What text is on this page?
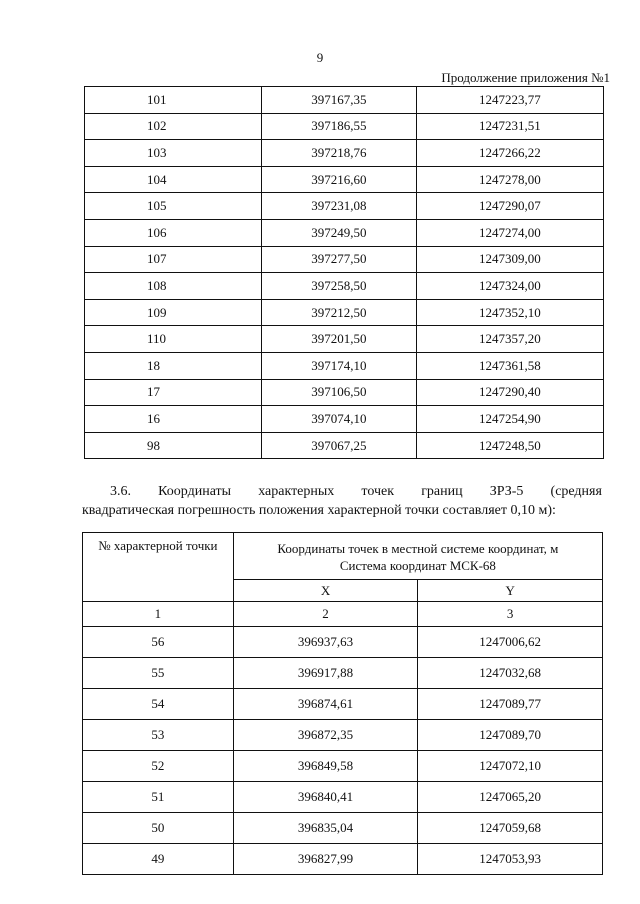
9
Продолжение приложения №1
101	397167,35	1247223,77
102	397186,55	1247231,51
103	397218,76	1247266,22
104	397216,60	1247278,00
105	397231,08	1247290,07
106	397249,50	1247274,00
107	397277,50	1247309,00
108	397258,50	1247324,00
109	397212,50	1247352,10
110	397201,50	1247357,20
18	397174,10	1247361,58
17	397106,50	1247290,40
16	397074,10	1247254,90
98	397067,25	1247248,50
3.6. Координаты характерных точек границ ЗРЗ-5 (средняя
квадратическая погрешность положения характерной точки составляет 0,10 м):
№ характерной точки	Координаты точек в местной системе координат, м
Система координат МСК-68	

	X	Y
1	2	3
56	396937,63	1247006,62
55	396917,88	1247032,68
54	396874,61	1247089,77
53	396872,35	1247089,70
52	396849,58	1247072,10
51	396840,41	1247065,20
50	396835,04	1247059,68
49	396827,99	1247053,93
